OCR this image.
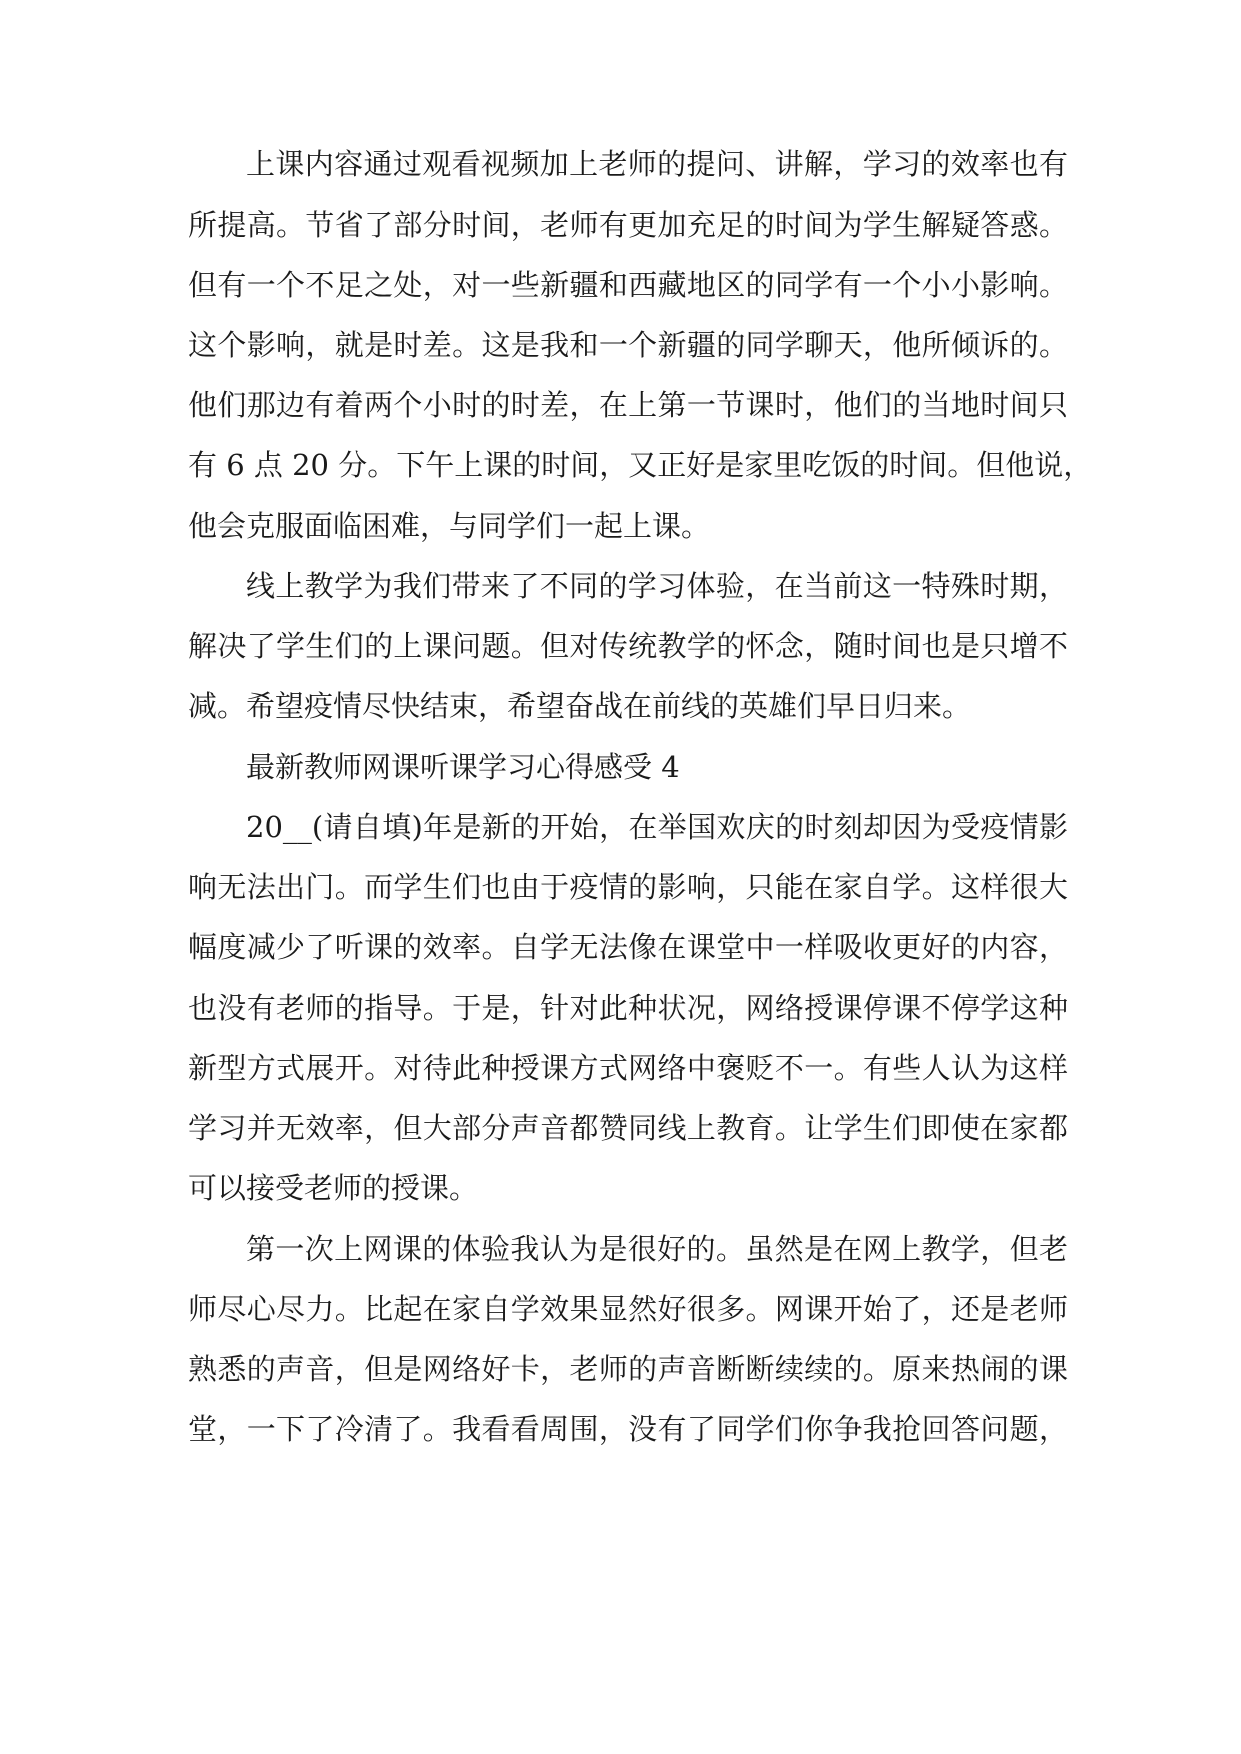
上课内容通过观看视频加上老师的提问、讲解，学习的效率也有
所提高。节省了部分时间，老师有更加充足的时间为学生解疑答惑。
但有一个不足之处，对一些新疆和西藏地区的同学有一个小小影响。
这个影响，就是时差。这是我和一个新疆的同学聊天，他所倾诉的。
他们那边有着两个小时的时差，在上第一节课时，他们的当地时间只
有 6 点 20 分。下午上课的时间，又正好是家里吃饭的时间。但他说，
他会克服面临困难，与同学们一起上课。
线上教学为我们带来了不同的学习体验，在当前这一特殊时期，
解决了学生们的上课问题。但对传统教学的怀念，随时间也是只增不
减。希望疫情尽快结束，希望奋战在前线的英雄们早日归来。
最新教师网课听课学习心得感受 4
20__(请自填)年是新的开始，在举国欢庆的时刻却因为受疫情影
响无法出门。而学生们也由于疫情的影响，只能在家自学。这样很大
幅度减少了听课的效率。自学无法像在课堂中一样吸收更好的内容，
也没有老师的指导。于是，针对此种状况，网络授课停课不停学这种
新型方式展开。对待此种授课方式网络中褒贬不一。有些人认为这样
学习并无效率，但大部分声音都赞同线上教育。让学生们即使在家都
可以接受老师的授课。
第一次上网课的体验我认为是很好的。虽然是在网上教学，但老
师尽心尽力。比起在家自学效果显然好很多。网课开始了，还是老师
熟悉的声音，但是网络好卡，老师的声音断断续续的。原来热闹的课
堂，一下了冷清了。我看看周围，没有了同学们你争我抢回答问题，
